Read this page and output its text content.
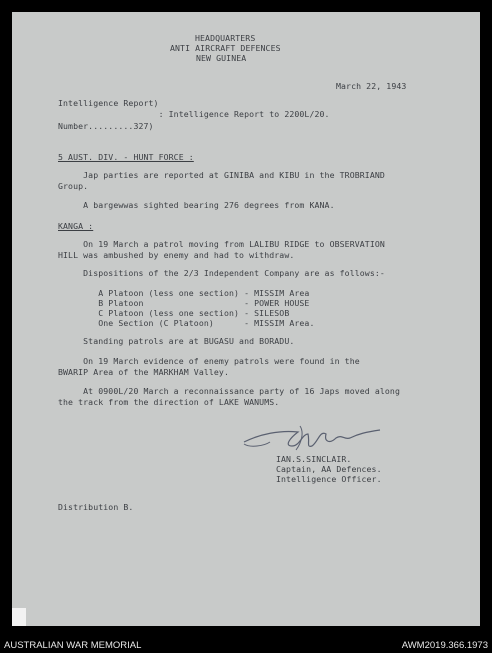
HEADQUARTERS
ANTI AIRCRAFT DEFENCES
NEW GUINEA
March 22, 1943
Intelligence Report)
: Intelligence Report to 2200L/20.
Number.........327)
5 AUST. DIV. - HUNT FORCE :
Jap parties are reported at GINIBA and KIBU in the TROBRIAND
Group.
A bargewwas sighted bearing 276 degrees from KANA.
KANGA :
On 19 March a patrol moving from LALIBU RIDGE to OBSERVATION
HILL was ambushed by enemy and had to withdraw.
Dispositions of the 2/3 Independent Company are as follows:-
A Platoon (less one section) - MISSIM Area
B Platoon                    - POWER HOUSE
C Platoon (less one section) - SILESOB
One Section (C Platoon)      - MISSIM Area.
Standing patrols are at BUGASU and BORADU.
On 19 March evidence of enemy patrols were found in the
BWARIP Area of the MARKHAM Valley.
At 0900L/20 March a reconnaissance party of 16 Japs moved along
the track from the direction of LAKE WANUMS.
IAN.S.SINCLAIR.
Captain, AA Defences.
Intelligence Officer.
Distribution B.
AUSTRALIAN WAR MEMORIAL	AWM2019.366.1973
